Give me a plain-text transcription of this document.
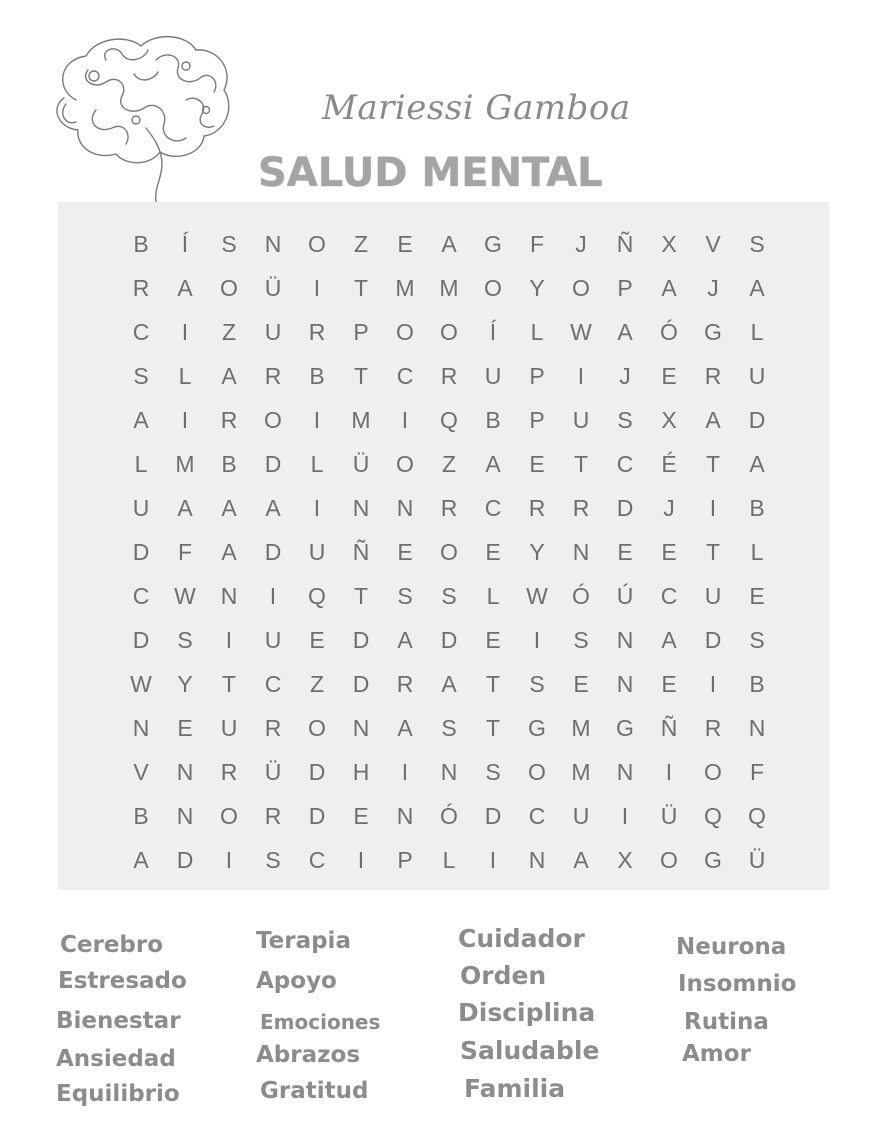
Mariessi Gamboa
SALUD MENTAL
B	Í	S	N	O	Z	E	A	G	F	J	Ñ	X	V	S
R	A	O	Ü	I	T	M	M	O	Y	O	P	A	J	A
C	I	Z	U	R	P	O	O	Í	L	W	A	Ó	G	L
S	L	A	R	B	T	C	R	U	P	I	J	E	R	U
A	I	R	O	I	M	I	Q	B	P	U	S	X	A	D
L	M	B	D	L	Ü	O	Z	A	E	T	C	É	T	A
U	A	A	A	I	N	N	R	C	R	R	D	J	I	B
D	F	A	D	U	Ñ	E	O	E	Y	N	E	E	T	L
C	W	N	I	Q	T	S	S	L	W	Ó	Ú	C	U	E
D	S	I	U	E	D	A	D	E	I	S	N	A	D	S
W	Y	T	C	Z	D	R	A	T	S	E	N	E	I	B
N	E	U	R	O	N	A	S	T	G	M	G	Ñ	R	N
V	N	R	Ü	D	H	I	N	S	O	M	N	I	O	F
B	N	O	R	D	E	N	Ó	D	C	U	I	Ü	Q	Q
A	D	I	S	C	I	P	L	I	N	A	X	O	G	Ü
Cerebro
Estresado
Bienestar
Ansiedad
Equilibrio
Terapia
Apoyo
Emociones
Abrazos
Gratitud
Cuidador
Orden
Disciplina
Saludable
Familia
Neurona
Insomnio
Rutina
Amor
